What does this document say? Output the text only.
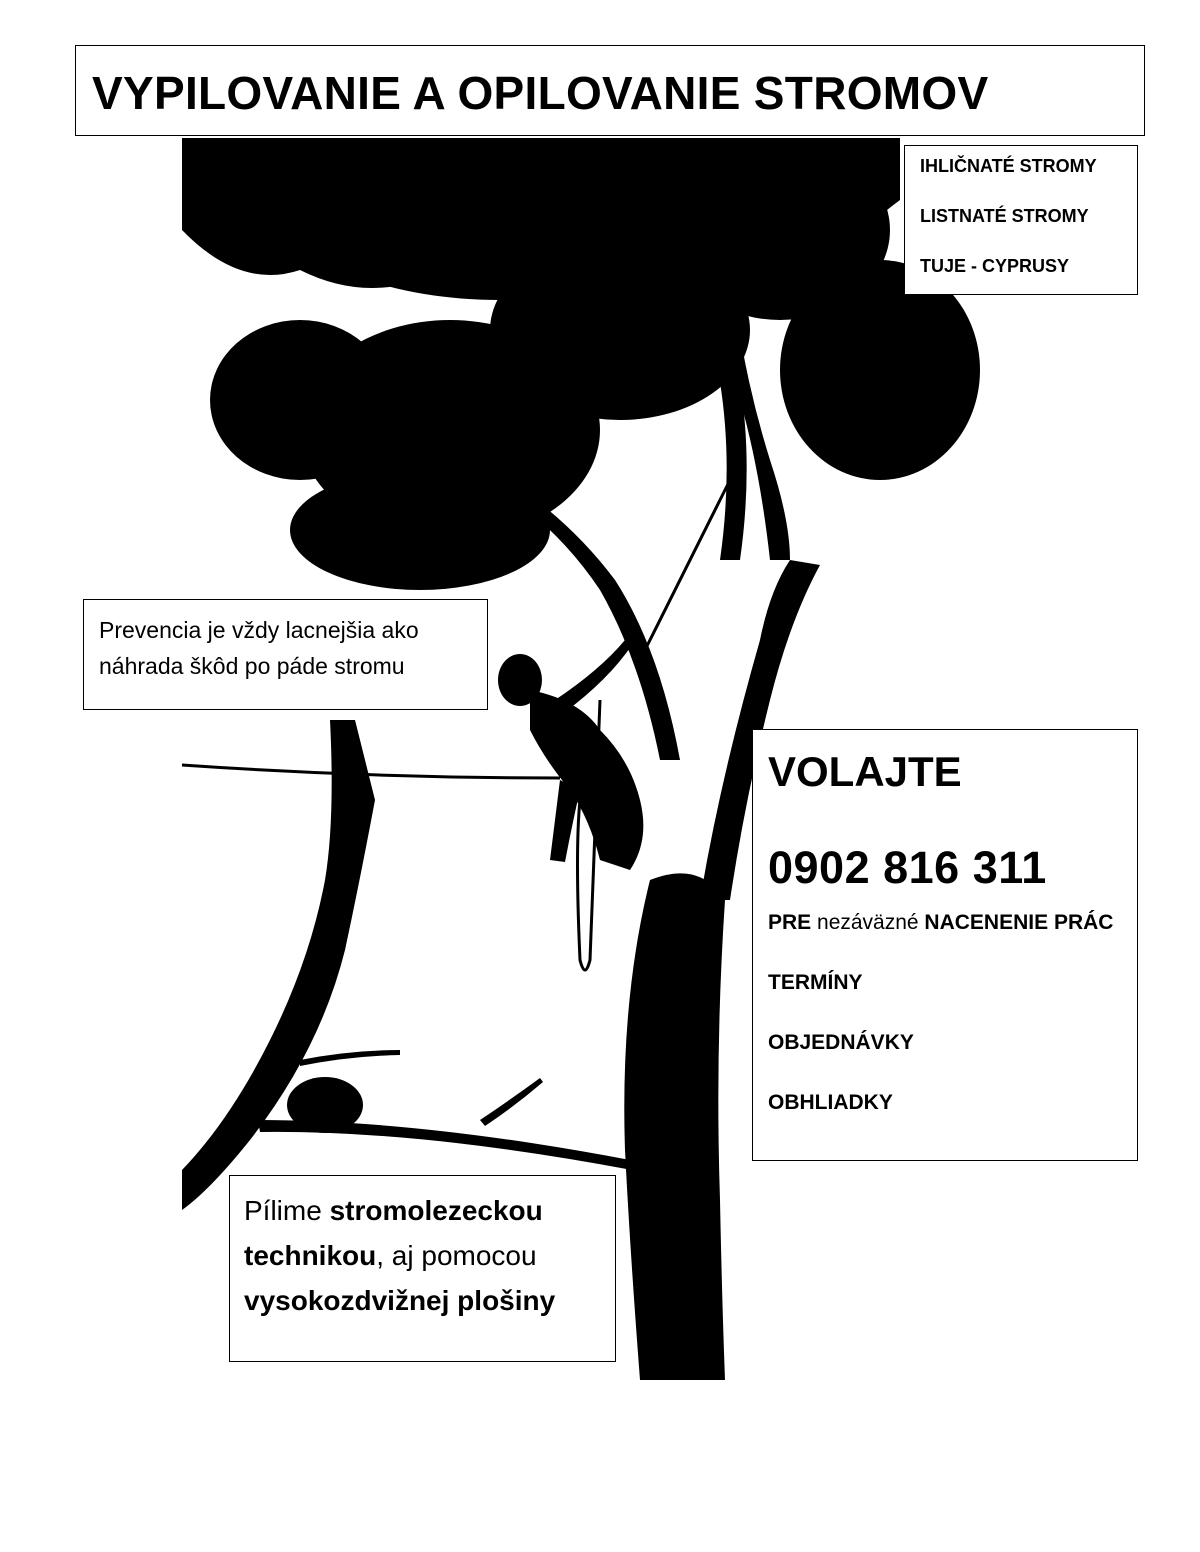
VYPILOVANIE A OPILOVANIE STROMOV
IHLIČNATÉ STROMY
LISTNATÉ STROMY
TUJE - CYPRUSY

Prevencia je vždy lacnejšia ako

náhrada škôd po páde stromu

VOLAJTE
0902 816 311
PRE nezáväzné NACENENIE PRÁC
TERMÍNY
OBJEDNÁVKY
OBHLIADKY

Pílime stromolezeckou

technikou, aj pomocou

vysokozdvižnej plošiny
